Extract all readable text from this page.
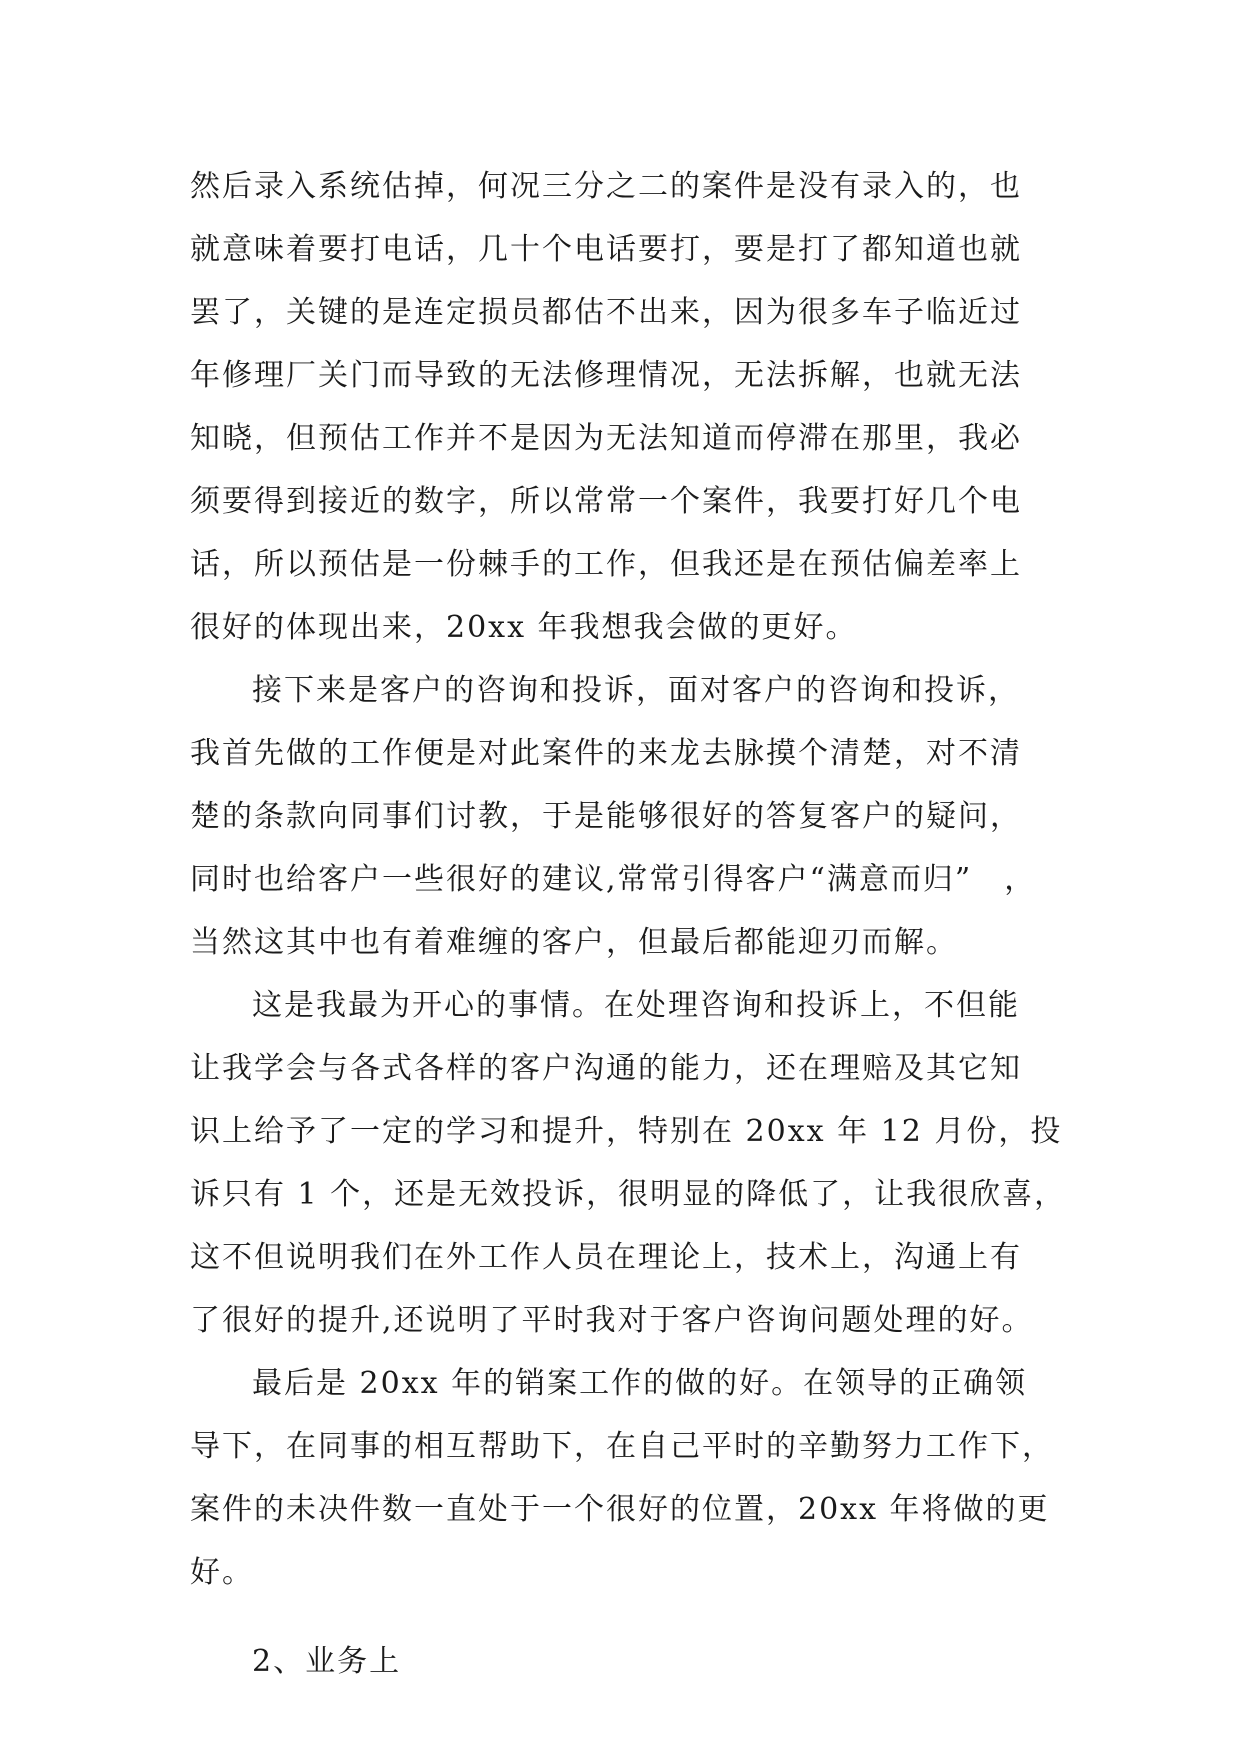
然后录入系统估掉，何况三分之二的案件是没有录入的，也
就意味着要打电话，几十个电话要打，要是打了都知道也就
罢了，关键的是连定损员都估不出来，因为很多车子临近过
年修理厂关门而导致的无法修理情况，无法拆解，也就无法
知晓，但预估工作并不是因为无法知道而停滞在那里，我必
须要得到接近的数字，所以常常一个案件，我要打好几个电
话，所以预估是一份棘手的工作，但我还是在预估偏差率上
很好的体现出来，20xx 年我想我会做的更好。
接下来是客户的咨询和投诉，面对客户的咨询和投诉，
我首先做的工作便是对此案件的来龙去脉摸个清楚，对不清
楚的条款向同事们讨教，于是能够很好的答复客户的疑问，
同时也给客户一些很好的建议,常常引得客户“满意而归”　，
当然这其中也有着难缠的客户，但最后都能迎刃而解。
这是我最为开心的事情。在处理咨询和投诉上，不但能
让我学会与各式各样的客户沟通的能力，还在理赔及其它知
识上给予了一定的学习和提升，特别在 20xx 年 12 月份，投
诉只有 1 个，还是无效投诉，很明显的降低了，让我很欣喜，
这不但说明我们在外工作人员在理论上，技术上，沟通上有
了很好的提升,还说明了平时我对于客户咨询问题处理的好。
最后是 20xx 年的销案工作的做的好。在领导的正确领
导下，在同事的相互帮助下，在自己平时的辛勤努力工作下，
案件的未决件数一直处于一个很好的位置，20xx 年将做的更
好。
2、业务上
